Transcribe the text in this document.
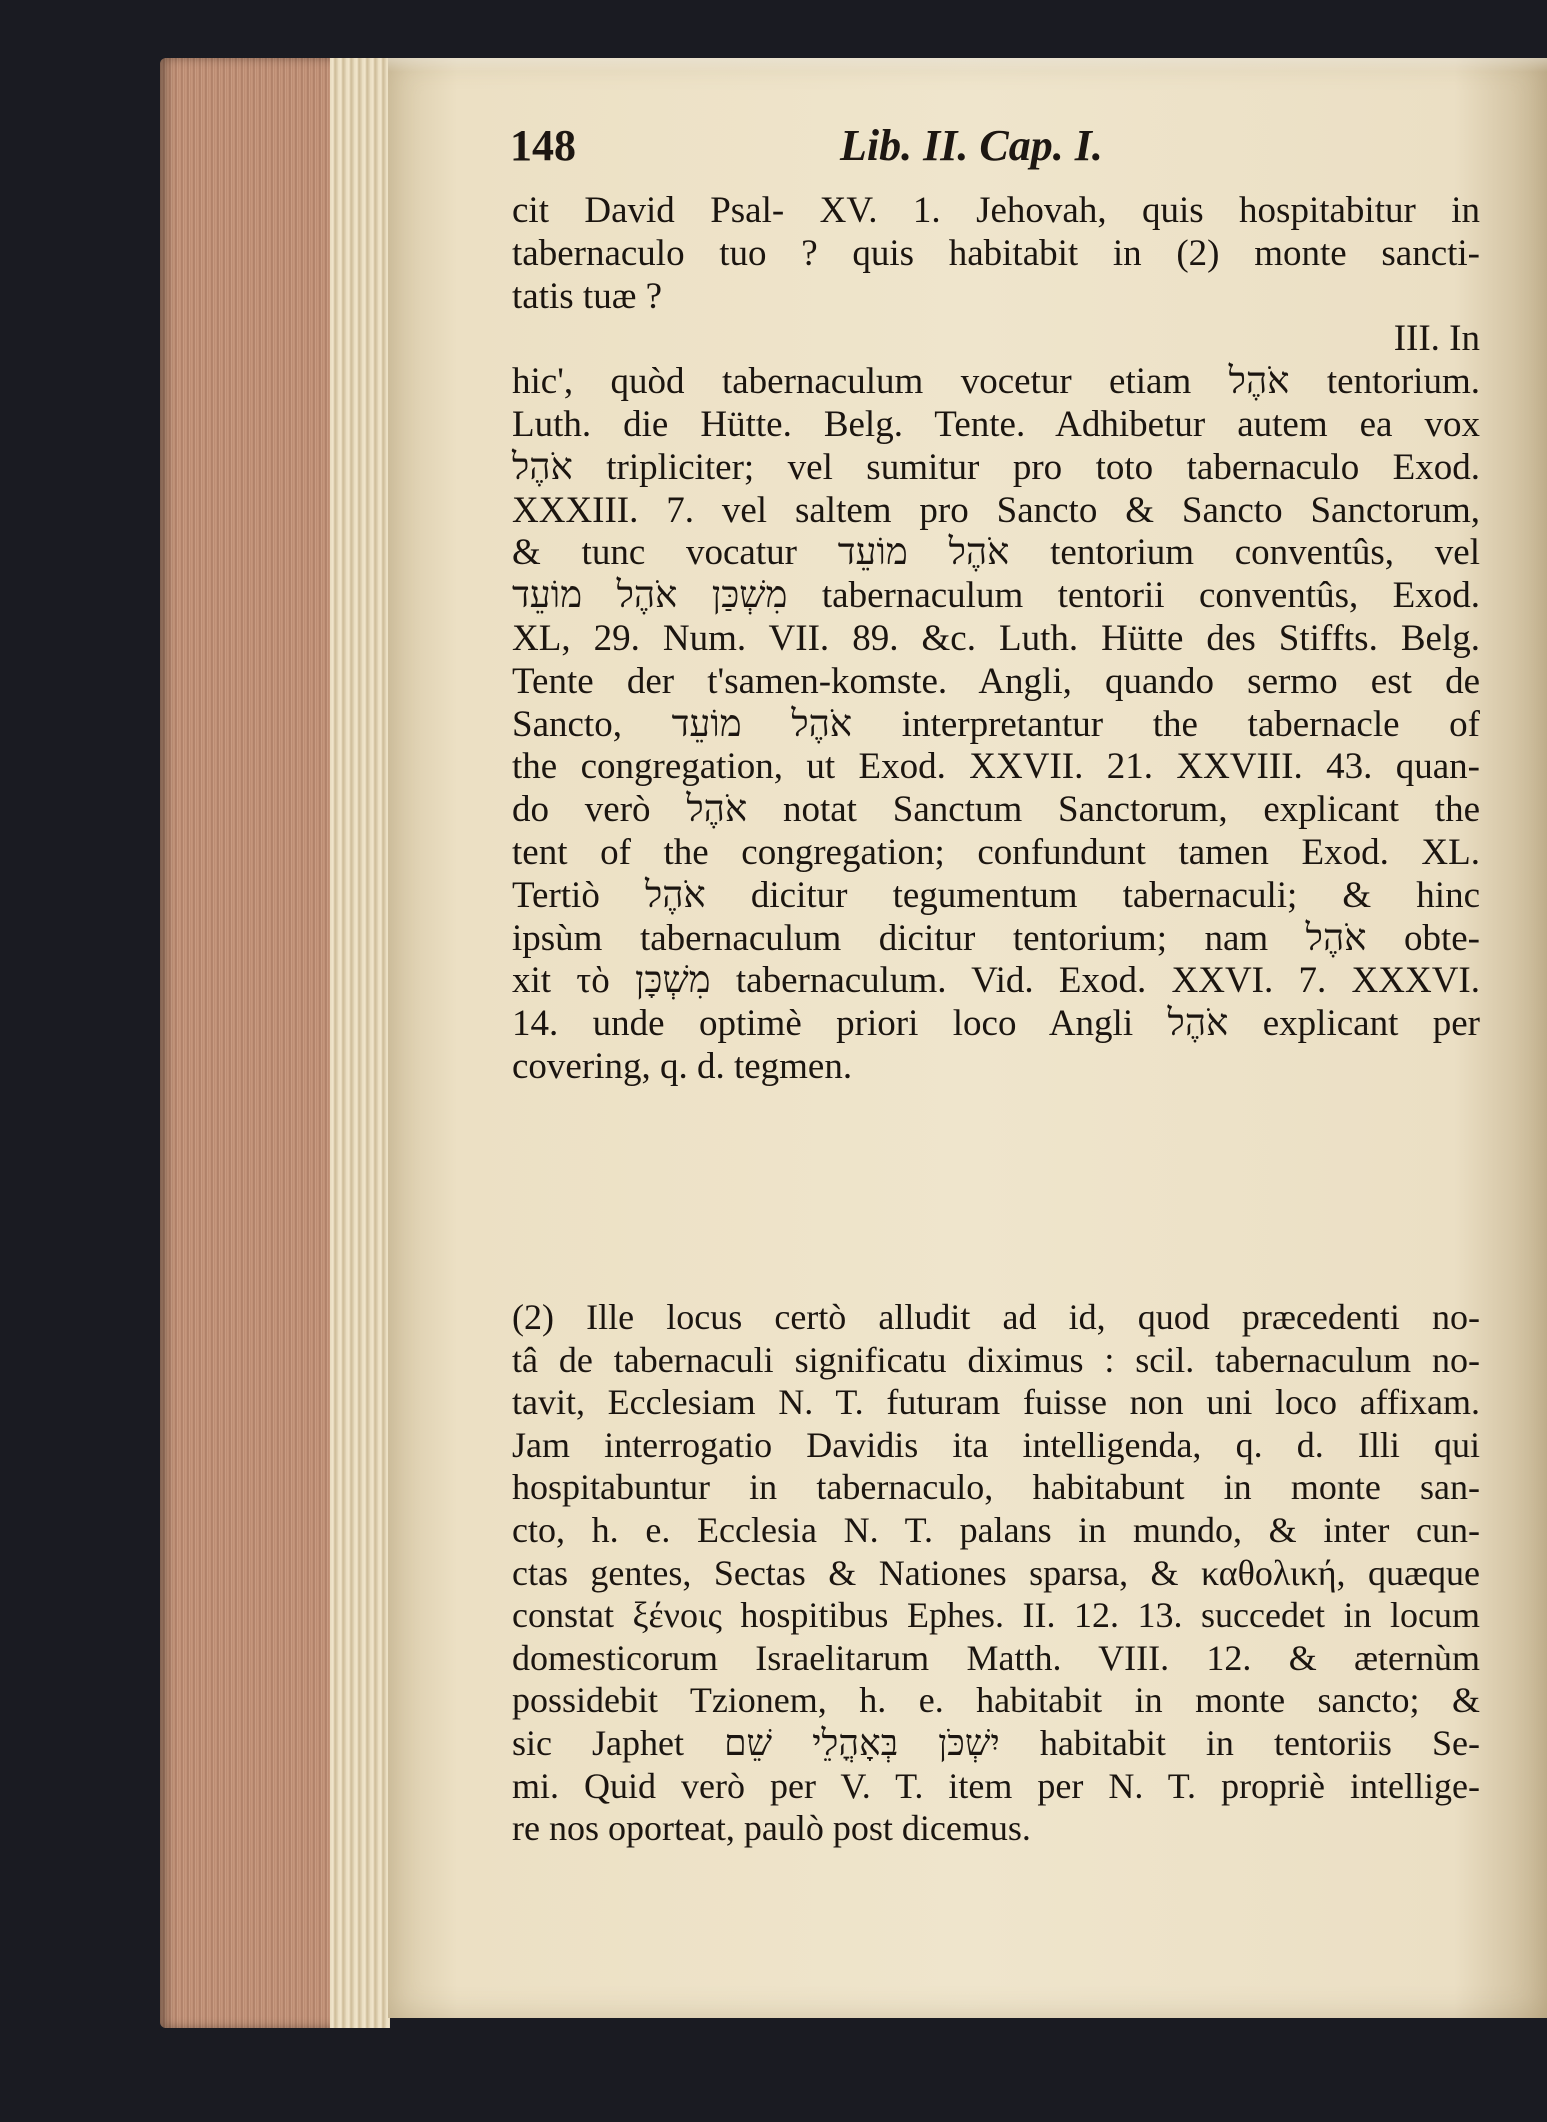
148	Lib. II. Cap. I.
cit David Psal- XV. 1. Jehovah, quis hospitabitur in
tabernaculo tuo ? quis habitabit in (2) monte sancti-
tatis tuæ ?
III. In
hic', quòd tabernaculum vocetur etiam אֹהֶל tentorium.
Luth. die Hütte. Belg. Tente. Adhibetur autem ea vox
אֹהֶל tripliciter; vel sumitur pro toto tabernaculo Exod.
XXXIII. 7. vel saltem pro Sancto & Sancto Sanctorum,
& tunc vocatur אֹהֶל מוֹעֵד tentorium conventûs, vel
מִשְׁכַּן אֹהֶל מוֹעֵד tabernaculum tentorii conventûs, Exod.
XL, 29. Num. VII. 89. &c. Luth. Hütte des Stiffts. Belg.
Tente der t'samen-komste. Angli, quando sermo est de
Sancto, אֹהֶל מוֹעֵד interpretantur the tabernacle of
the congregation, ut Exod. XXVII. 21. XXVIII. 43. quan-
do verò אֹהֶל notat Sanctum Sanctorum, explicant the
tent of the congregation; confundunt tamen Exod. XL.
Tertiò אֹהֶל dicitur tegumentum tabernaculi; & hinc
ipsùm tabernaculum dicitur tentorium; nam אֹהֶל obte-
xit τὸ מִשְׁכָּן tabernaculum. Vid. Exod. XXVI. 7. XXXVI.
14. unde optimè priori loco Angli אֹהֶל explicant per
covering, q. d. tegmen.
(2) Ille locus certò alludit ad id, quod præcedenti no-
tâ de tabernaculi significatu diximus : scil. tabernaculum no-
tavit, Ecclesiam N. T. futuram fuisse non uni loco affixam.
Jam interrogatio Davidis ita intelligenda, q. d. Illi qui
hospitabuntur in tabernaculo, habitabunt in monte san-
cto, h. e. Ecclesia N. T. palans in mundo, & inter cun-
ctas gentes, Sectas & Nationes sparsa, & καθολική, quæque
constat ξένοις hospitibus Ephes. II. 12. 13. succedet in locum
domesticorum Israelitarum Matth. VIII. 12. & æternùm
possidebit Tzionem, h. e. habitabit in monte sancto; &
sic Japhet יִשְׁכֹּן בְּאָהֳלֵי שֵׁם habitabit in tentoriis Se-
mi. Quid verò per V. T. item per N. T. propriè intellige-
re nos oporteat, paulò post dicemus.
